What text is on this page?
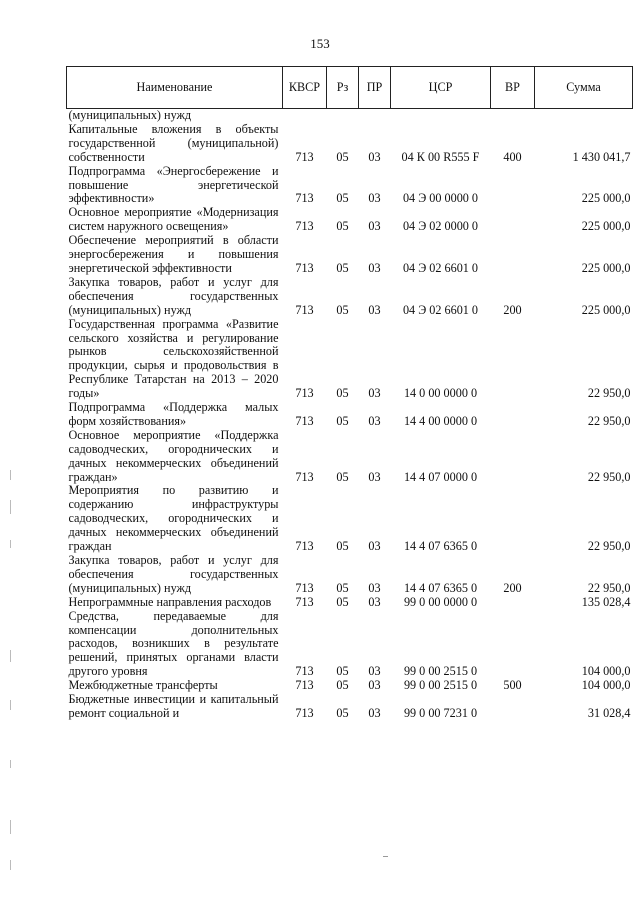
153
Наименование	КВСР	Рз	ПР	ЦСР	ВР	Сумма
(муниципальных) нужд						
Капитальные вложения в объекты государственной (муниципальной) собственности	713	05	03	04 К 00 R555 F	400	1 430 041,7
Подпрограмма «Энергосбережение и повышение энергетической эффективности»	713	05	03	04 Э 00 0000 0		225 000,0
Основное мероприятие «Модернизация систем наружного освещения»	713	05	03	04 Э 02 0000 0		225 000,0
Обеспечение мероприятий в области энергосбережения и повышения энергетической эффективности	713	05	03	04 Э 02 6601 0		225 000,0
Закупка товаров, работ и услуг для обеспечения государственных (муниципальных) нужд	713	05	03	04 Э 02 6601 0	200	225 000,0
Государственная программа «Развитие сельского хозяйства и регулирование рынков сельскохозяйственной продукции, сырья и продовольствия в Республике Татарстан на 2013 – 2020 годы»	713	05	03	14 0 00 0000 0		22 950,0
Подпрограмма «Поддержка малых форм хозяйствования»	713	05	03	14 4 00 0000 0		22 950,0
Основное мероприятие «Поддержка садоводческих, огороднических и дачных некоммерческих объединений граждан»	713	05	03	14 4 07 0000 0		22 950,0
Мероприятия по развитию и содержанию инфраструктуры садоводческих, огороднических и дачных некоммерческих объединений граждан	713	05	03	14 4 07 6365 0		22 950,0
Закупка товаров, работ и услуг для обеспечения государственных (муниципальных) нужд	713	05	03	14 4 07 6365 0	200	22 950,0
Непрограммные направления расходов	713	05	03	99 0 00 0000 0		135 028,4
Средства, передаваемые для компенсации дополнительных расходов, возникших в результате решений, принятых органами власти другого уровня	713	05	03	99 0 00 2515 0		104 000,0
Межбюджетные трансферты	713	05	03	99 0 00 2515 0	500	104 000,0
Бюджетные инвестиции и капитальный ремонт социальной и	713	05	03	99 0 00 7231 0		31 028,4
